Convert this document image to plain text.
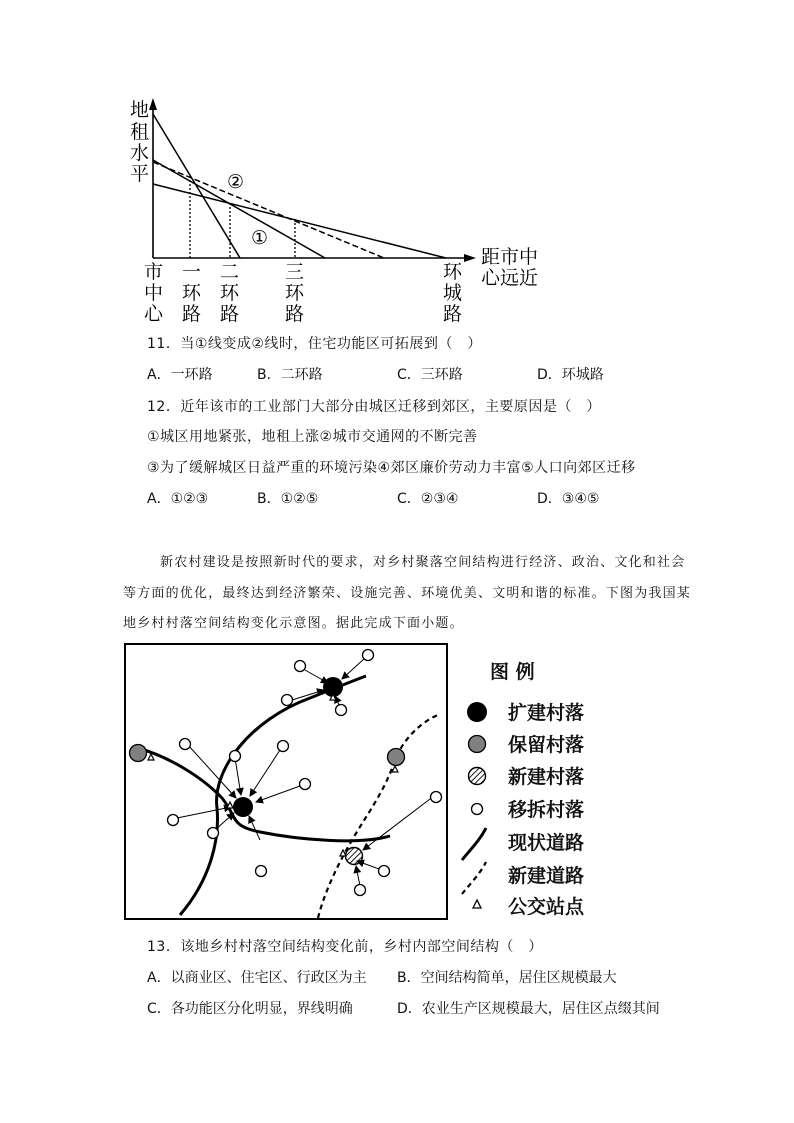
地
租
水
平
距市中
心远近
②
①
市
中
心
一
环
路
二
环
路
三
环
路
环
城
路
11．当①线变成②线时，住宅功能区可拓展到（　）
A．一环路	B．二环路	C．三环路	D．环城路
12．近年该市的工业部门大部分由城区迁移到郊区，主要原因是（　）
①城区用地紧张，地租上涨②城市交通网的不断完善
③为了缓解城区日益严重的环境污染④郊区廉价劳动力丰富⑤人口向郊区迁移
A．①②③	B．①②⑤	C．②③④	D．③④⑤
新农村建设是按照新时代的要求，对乡村聚落空间结构进行经济、政治、文化和社会
等方面的优化，最终达到经济繁荣、设施完善、环境优美、文明和谐的标准。下图为我国某
地乡村村落空间结构变化示意图。据此完成下面小题。
图 例
扩建村落
保留村落
新建村落
移拆村落
现状道路
新建道路
公交站点
13．该地乡村村落空间结构变化前，乡村内部空间结构（　）
A．以商业区、住宅区、行政区为主 B．空间结构简单，居住区规模最大
C．各功能区分化明显，界线明确	D．农业生产区规模最大，居住区点缀其间
